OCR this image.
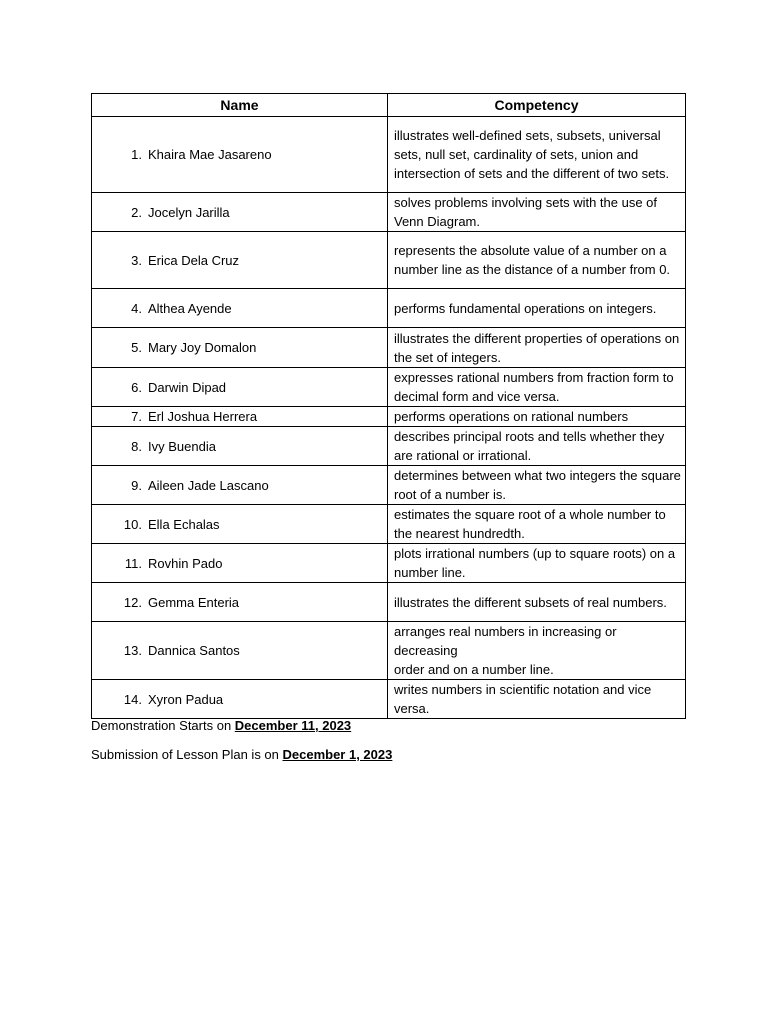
Name	Competency
1. Khaira Mae Jasareno	illustrates well-defined sets, subsets, universal sets, null set, cardinality of sets, union and intersection of sets and the different of two sets.
2. Jocelyn Jarilla	solves problems involving sets with the use of Venn Diagram.
3. Erica Dela Cruz	represents the absolute value of a number on a number line as the distance of a number from 0.
4. Althea Ayende	performs fundamental operations on integers.
5. Mary Joy Domalon	illustrates the different properties of operations on the set of integers.
6. Darwin Dipad	expresses rational numbers from fraction form to decimal form and vice versa.
7. Erl Joshua Herrera	performs operations on rational numbers
8. Ivy Buendia	describes principal roots and tells whether they are rational or irrational.
9. Aileen Jade Lascano	determines between what two integers the square root of a number is.
10. Ella Echalas	estimates the square root of a whole number to the nearest hundredth.
11. Rovhin Pado	plots irrational numbers (up to square roots) on a number line.
12. Gemma Enteria	illustrates the different subsets of real numbers.
13. Dannica Santos	arranges real numbers in increasing or decreasing
order and on a number line.
14. Xyron Padua	writes numbers in scientific notation and vice versa.
Demonstration Starts on December 11, 2023
Submission of Lesson Plan is on December 1, 2023
